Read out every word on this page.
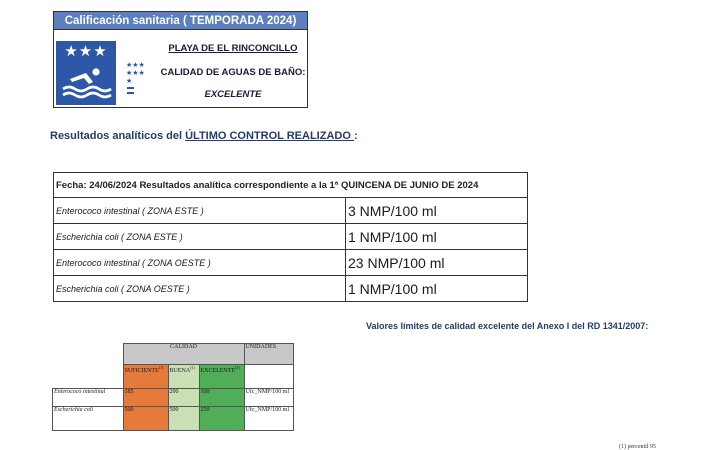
Calificación sanitaria ( TEMPORADA 2024)
★★★
★★★
★★★
★
PLAYA DE EL RINCONCILLO
CALIDAD DE AGUAS DE BAÑO:
EXCELENTE
Resultados analíticos del ÚLTIMO CONTROL REALIZADO :
Fecha: 24/06/2024 Resultados analítica correspondiente a la 1ª QUINCENA DE JUNIO DE 2024	
Enterococo intestinal ( ZONA ESTE )	3 NMP/100 ml
Escherichia coli ( ZONA ESTE )	1 NMP/100 ml
Enterococo intestinal ( ZONA OESTE )	23 NMP/100 ml
Escherichia coli ( ZONA OESTE )	1 NMP/100 ml
Valores límites de calidad excelente del Anexo I del RD 1341/2007:
	CALIDAD			UNIDADES
	SUFICIENTE$^{(1)}$	BUENA$^{(1)}$	EXCELENTE$^{(1)}$	
Enterococo intestinal	185	200	100	Ufc_NMP/100 ml
Escherichia coli	500	500	250	Ufc_NMP/100 ml
(1) percentil 95
